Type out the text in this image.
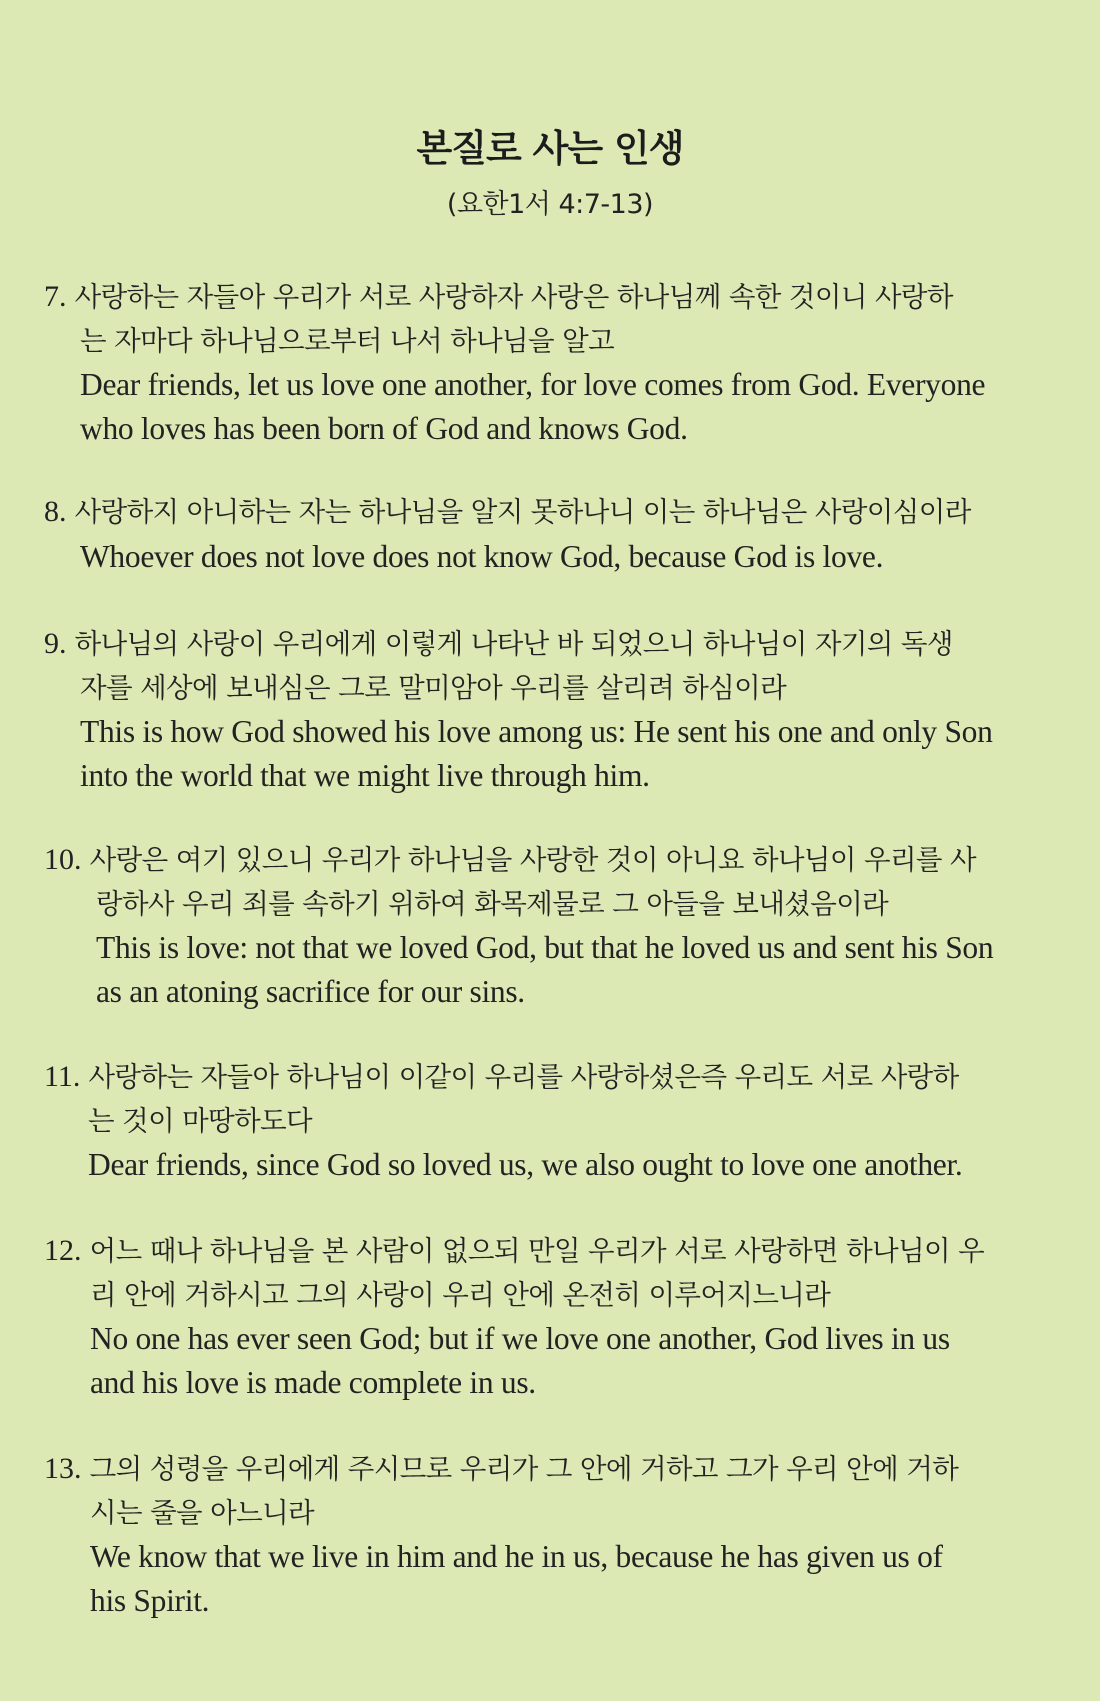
본질로 사는 인생

(요한1서 4:7-13)

7. 사랑하는 자들아 우리가 서로 사랑하자 사랑은 하나님께 속한 것이니 사랑하
는 자마다 하나님으로부터 나서 하나님을 알고

Dear friends, let us love one another, for love comes from God. Everyone
who loves has been born of God and knows God.

8. 사랑하지 아니하는 자는 하나님을 알지 못하나니 이는 하나님은 사랑이심이라

Whoever does not love does not know God, because God is love.

9. 하나님의 사랑이 우리에게 이렇게 나타난 바 되었으니 하나님이 자기의 독생
자를 세상에 보내심은 그로 말미암아 우리를 살리려 하심이라

This is how God showed his love among us: He sent his one and only Son
into the world that we might live through him.

10. 사랑은 여기 있으니 우리가 하나님을 사랑한 것이 아니요 하나님이 우리를 사
랑하사 우리 죄를 속하기 위하여 화목제물로 그 아들을 보내셨음이라

This is love: not that we loved God, but that he loved us and sent his Son
as an atoning sacrifice for our sins.

11. 사랑하는 자들아 하나님이 이같이 우리를 사랑하셨은즉 우리도 서로 사랑하
는 것이 마땅하도다

Dear friends, since God so loved us, we also ought to love one another.

12. 어느 때나 하나님을 본 사람이 없으되 만일 우리가 서로 사랑하면 하나님이 우
리 안에 거하시고 그의 사랑이 우리 안에 온전히 이루어지느니라

No one has ever seen God; but if we love one another, God lives in us
and his love is made complete in us.

13. 그의 성령을 우리에게 주시므로 우리가 그 안에 거하고 그가 우리 안에 거하
시는 줄을 아느니라

We know that we live in him and he in us, because he has given us of
his Spirit.
